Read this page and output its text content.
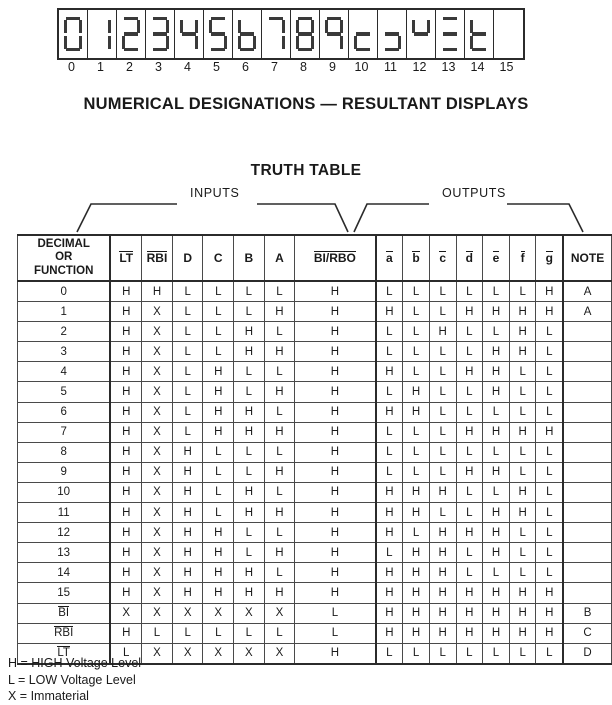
0	1	2	3	4	5	6	7	8	9	10	11	12	13	14	15
NUMERICAL DESIGNATIONS — RESULTANT DISPLAYS
TRUTH TABLE
INPUTS	OUTPUTS
DECIMAL
OR
FUNCTION	LT	RBI	D	C	B	A	BI/RBO	a	b	c	d	e	f	g	NOTE
0	H	H	L	L	L	L	H	L	L	L	L	L	L	H	A
1	H	X	L	L	L	H	H	H	L	L	H	H	H	H	A
2	H	X	L	L	H	L	H	L	L	H	L	L	H	L	
3	H	X	L	L	H	H	H	L	L	L	L	H	H	L	
4	H	X	L	H	L	L	H	H	L	L	H	H	L	L	
5	H	X	L	H	L	H	H	L	H	L	L	H	L	L	
6	H	X	L	H	H	L	H	H	H	L	L	L	L	L	
7	H	X	L	H	H	H	H	L	L	L	H	H	H	H	
8	H	X	H	L	L	L	H	L	L	L	L	L	L	L	
9	H	X	H	L	L	H	H	L	L	L	H	H	L	L	
10	H	X	H	L	H	L	H	H	H	H	L	L	H	L	
11	H	X	H	L	H	H	H	H	H	L	L	H	H	L	
12	H	X	H	H	L	L	H	H	L	H	H	H	L	L	
13	H	X	H	H	L	H	H	L	H	H	L	H	L	L	
14	H	X	H	H	H	L	H	H	H	H	L	L	L	L	
15	H	X	H	H	H	H	H	H	H	H	H	H	H	H	
BI	X	X	X	X	X	X	L	H	H	H	H	H	H	H	B
RBI	H	L	L	L	L	L	L	H	H	H	H	H	H	H	C
LT	L	X	X	X	X	X	H	L	L	L	L	L	L	L	D
H = HIGH Voltage Level
L = LOW Voltage Level
X = Immaterial
